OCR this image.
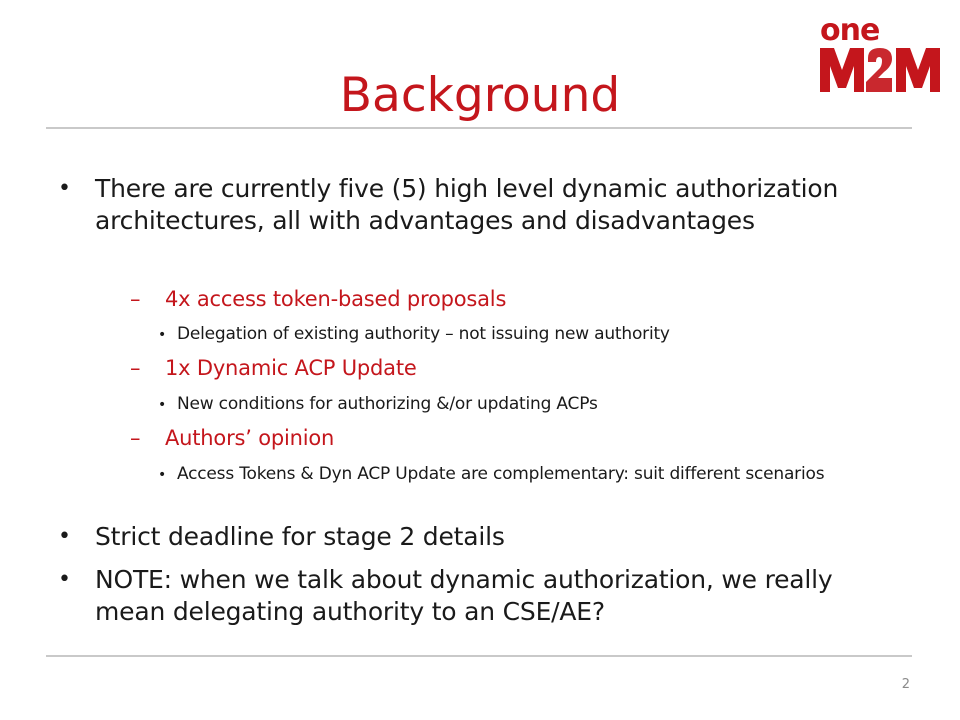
one
Background
• There are currently five (5) high level dynamic authorization architectures, all with advantages and disadvantages
– 4x access token-based proposals
• Delegation of existing authority – not issuing new authority
– 1x Dynamic ACP Update
• New conditions for authorizing &/or updating ACPs
– Authors’ opinion
• Access Tokens & Dyn ACP Update are complementary: suit different scenarios
• Strict deadline for stage 2 details
• NOTE: when we talk about dynamic authorization, we really mean delegating authority to an CSE/AE?
2
